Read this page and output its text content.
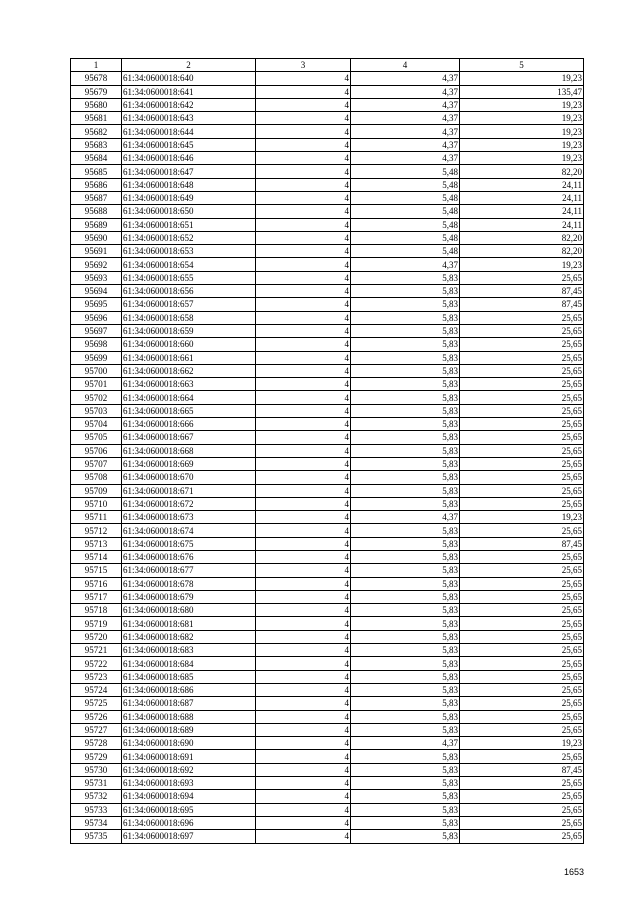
1	2	3	4	5
95678	61:34:0600018:640	4	4,37	19,23
95679	61:34:0600018:641	4	4,37	135,47
95680	61:34:0600018:642	4	4,37	19,23
95681	61:34:0600018:643	4	4,37	19,23
95682	61:34:0600018:644	4	4,37	19,23
95683	61:34:0600018:645	4	4,37	19,23
95684	61:34:0600018:646	4	4,37	19,23
95685	61:34:0600018:647	4	5,48	82,20
95686	61:34:0600018:648	4	5,48	24,11
95687	61:34:0600018:649	4	5,48	24,11
95688	61:34:0600018:650	4	5,48	24,11
95689	61:34:0600018:651	4	5,48	24,11
95690	61:34:0600018:652	4	5,48	82,20
95691	61:34:0600018:653	4	5,48	82,20
95692	61:34:0600018:654	4	4,37	19,23
95693	61:34:0600018:655	4	5,83	25,65
95694	61:34:0600018:656	4	5,83	87,45
95695	61:34:0600018:657	4	5,83	87,45
95696	61:34:0600018:658	4	5,83	25,65
95697	61:34:0600018:659	4	5,83	25,65
95698	61:34:0600018:660	4	5,83	25,65
95699	61:34:0600018:661	4	5,83	25,65
95700	61:34:0600018:662	4	5,83	25,65
95701	61:34:0600018:663	4	5,83	25,65
95702	61:34:0600018:664	4	5,83	25,65
95703	61:34:0600018:665	4	5,83	25,65
95704	61:34:0600018:666	4	5,83	25,65
95705	61:34:0600018:667	4	5,83	25,65
95706	61:34:0600018:668	4	5,83	25,65
95707	61:34:0600018:669	4	5,83	25,65
95708	61:34:0600018:670	4	5,83	25,65
95709	61:34:0600018:671	4	5,83	25,65
95710	61:34:0600018:672	4	5,83	25,65
95711	61:34:0600018:673	4	4,37	19,23
95712	61:34:0600018:674	4	5,83	25,65
95713	61:34:0600018:675	4	5,83	87,45
95714	61:34:0600018:676	4	5,83	25,65
95715	61:34:0600018:677	4	5,83	25,65
95716	61:34:0600018:678	4	5,83	25,65
95717	61:34:0600018:679	4	5,83	25,65
95718	61:34:0600018:680	4	5,83	25,65
95719	61:34:0600018:681	4	5,83	25,65
95720	61:34:0600018:682	4	5,83	25,65
95721	61:34:0600018:683	4	5,83	25,65
95722	61:34:0600018:684	4	5,83	25,65
95723	61:34:0600018:685	4	5,83	25,65
95724	61:34:0600018:686	4	5,83	25,65
95725	61:34:0600018:687	4	5,83	25,65
95726	61:34:0600018:688	4	5,83	25,65
95727	61:34:0600018:689	4	5,83	25,65
95728	61:34:0600018:690	4	4,37	19,23
95729	61:34:0600018:691	4	5,83	25,65
95730	61:34:0600018:692	4	5,83	87,45
95731	61:34:0600018:693	4	5,83	25,65
95732	61:34:0600018:694	4	5,83	25,65
95733	61:34:0600018:695	4	5,83	25,65
95734	61:34:0600018:696	4	5,83	25,65
95735	61:34:0600018:697	4	5,83	25,65
1653
